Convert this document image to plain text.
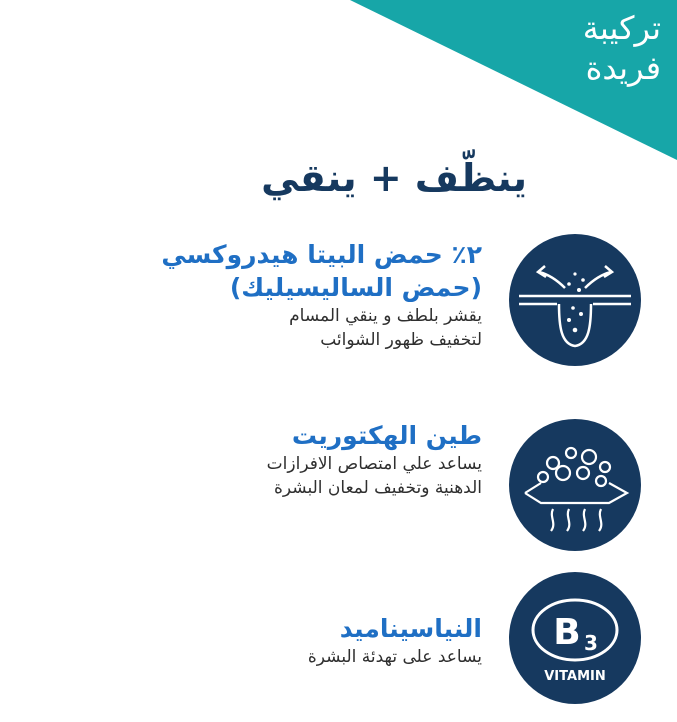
تركيبة
فريدة
ينظّف + ينقي
٢٪ حمض البيتا هيدروكسي
(حمض الساليسيليك)
يقشر بلطف و ينقي المسام
لتخفيف ظهور الشوائب
طين الهكتوريت
يساعد علي امتصاص الافرازات
الدهنية وتخفيف لمعان البشرة
B 3
VITAMIN
النياسيناميد
يساعد على تهدئة البشرة
